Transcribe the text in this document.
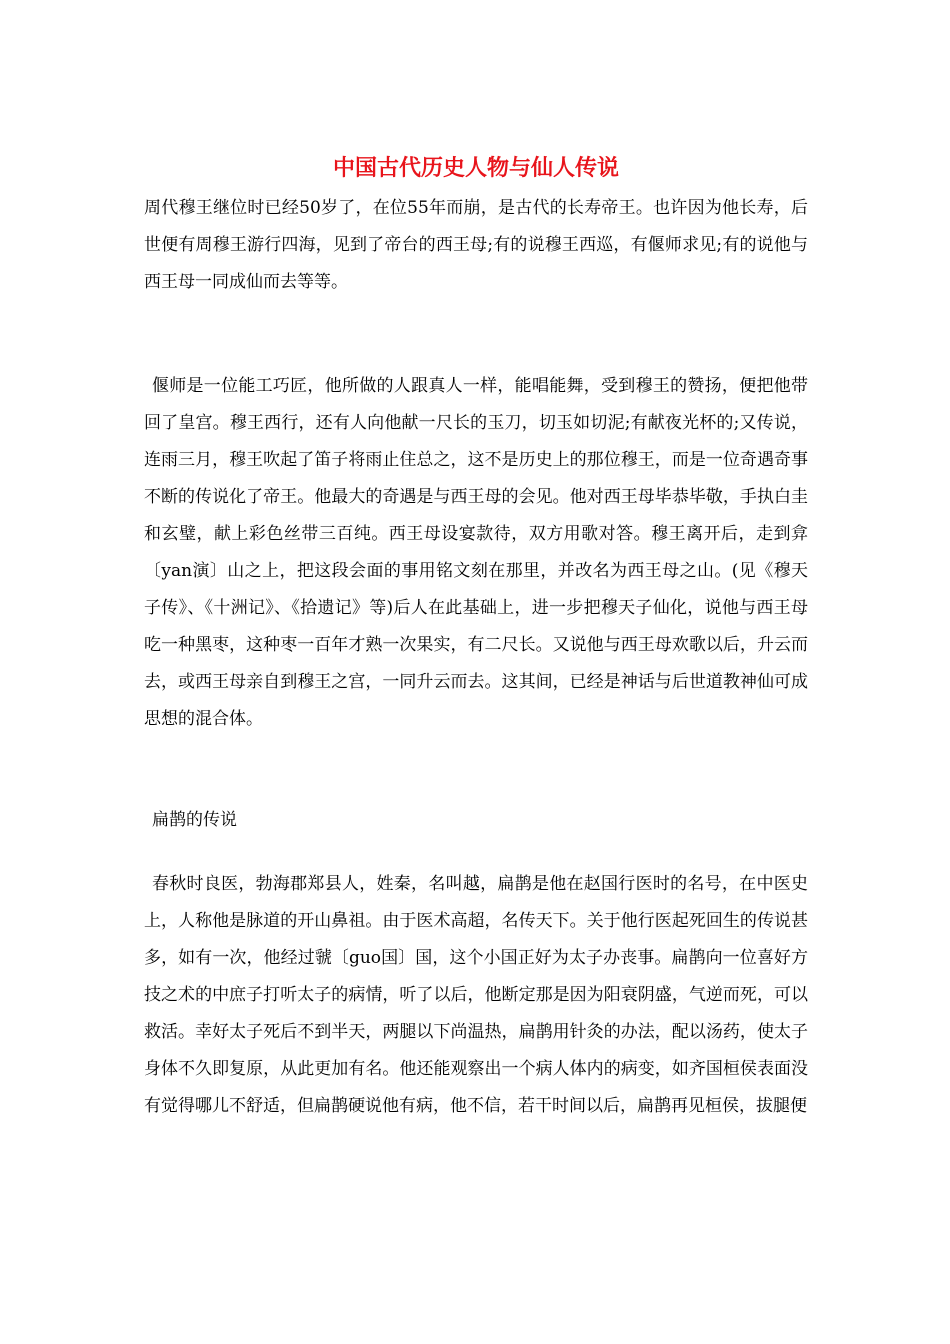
中国古代历史人物与仙人传说

周代穆王继位时已经50岁了，在位55年而崩，是古代的长寿帝王。也许因为他长寿，后世便有周穆王游行四海，见到了帝台的西王母;有的说穆王西巡，有偃师求见;有的说他与西王母一同成仙而去等等。

偃师是一位能工巧匠，他所做的人跟真人一样，能唱能舞，受到穆王的赞扬，便把他带回了皇宫。穆王西行，还有人向他献一尺长的玉刀，切玉如切泥;有献夜光杯的;又传说，连雨三月，穆王吹起了笛子将雨止住总之，这不是历史上的那位穆王，而是一位奇遇奇事不断的传说化了帝王。他最大的奇遇是与西王母的会见。他对西王母毕恭毕敬，手执白圭和玄璧，献上彩色丝带三百纯。西王母设宴款待，双方用歌对答。穆王离开后，走到弇〔yan演〕山之上，把这段会面的事用铭文刻在那里，并改名为西王母之山。(见《穆天子传》、《十洲记》、《拾遗记》等)后人在此基础上，进一步把穆天子仙化，说他与西王母吃一种黑枣，这种枣一百年才熟一次果实，有二尺长。又说他与西王母欢歌以后，升云而去，或西王母亲自到穆王之宫，一同升云而去。这其间，已经是神话与后世道教神仙可成思想的混合体。

扁鹊的传说

春秋时良医，勃海郡郑县人，姓秦，名叫越，扁鹊是他在赵国行医时的名号，在中医史上，人称他是脉道的开山鼻祖。由于医术高超，名传天下。关于他行医起死回生的传说甚多，如有一次，他经过虢〔guo国〕国，这个小国正好为太子办丧事。扁鹊向一位喜好方技之术的中庶子打听太子的病情，听了以后，他断定那是因为阳衰阴盛，气逆而死，可以救活。幸好太子死后不到半天，两腿以下尚温热，扁鹊用针灸的办法，配以汤药，使太子身体不久即复原，从此更加有名。他还能观察出一个病人体内的病变，如齐国桓侯表面没有觉得哪儿不舒适，但扁鹊硬说他有病，他不信，若干时间以后，扁鹊再见桓侯，拔腿便
